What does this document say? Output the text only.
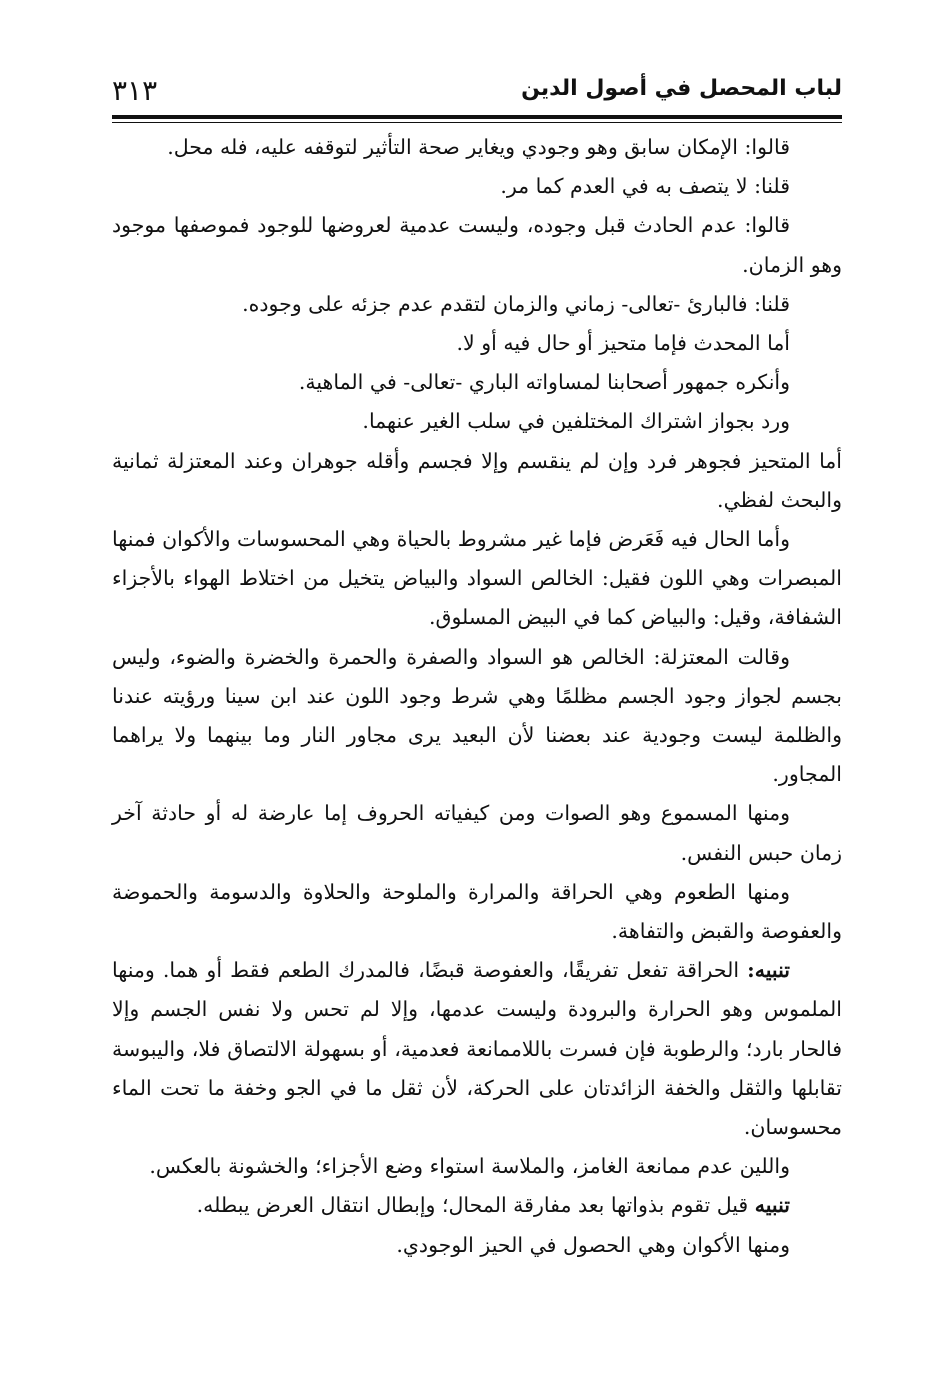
لباب المحصل في أصول الدين
٣١٣

قالوا: الإمكان سابق وهو وجودي ويغاير صحة التأثير لتوقفه عليه، فله محل.

قلنا: لا يتصف به في العدم كما مر.

قالوا: عدم الحادث قبل وجوده، وليست عدمية لعروضها للوجود فموصفها موجود وهو الزمان.

قلنا: فالبارئ -تعالى- زماني والزمان لتقدم عدم جزئه على وجوده.

أما المحدث فإما متحيز أو حال فيه أو لا.

وأنكره جمهور أصحابنا لمساواته الباري -تعالى- في الماهية.

ورد بجواز اشتراك المختلفين في سلب الغير عنهما.

أما المتحيز فجوهر فرد وإن لم ينقسم وإلا فجسم وأقله جوهران وعند المعتزلة ثمانية والبحث لفظي.

وأما الحال فيه فَعَرض فإما غير مشروط بالحياة وهي المحسوسات والأكوان فمنها المبصرات وهي اللون فقيل: الخالص السواد والبياض يتخيل من اختلاط الهواء بالأجزاء الشفافة، وقيل: والبياض كما في البيض المسلوق.

وقالت المعتزلة: الخالص هو السواد والصفرة والحمرة والخضرة والضوء، وليس بجسم لجواز وجود الجسم مظلمًا وهي شرط وجود اللون عند ابن سينا ورؤيته عندنا والظلمة ليست وجودية عند بعضنا لأن البعيد يرى مجاور النار وما بينهما ولا يراهما المجاور.

ومنها المسموع وهو الصوات ومن كيفياته الحروف إما عارضة له أو حادثة آخر زمان حبس النفس.

ومنها الطعوم وهي الحراقة والمرارة والملوحة والحلاوة والدسومة والحموضة والعفوصة والقبض والتفاهة.

تنبيه: الحراقة تفعل تفريقًا، والعفوصة قبضًا، فالمدرك الطعم فقط أو هما. ومنها الملموس وهو الحرارة والبرودة وليست عدمها، وإلا لم تحس ولا نفس الجسم وإلا فالحار بارد؛ والرطوبة فإن فسرت باللاممانعة فعدمية، أو بسهولة الالتصاق فلا، واليبوسة تقابلها والثقل والخفة الزائدتان على الحركة، لأن ثقل ما في الجو وخفة ما تحت الماء محسوسان.

واللين عدم ممانعة الغامز، والملاسة استواء وضع الأجزاء؛ والخشونة بالعكس.

تنبيه قيل تقوم بذواتها بعد مفارقة المحال؛ وإبطال انتقال العرض يبطله.

ومنها الأكوان وهي الحصول في الحيز الوجودي.
